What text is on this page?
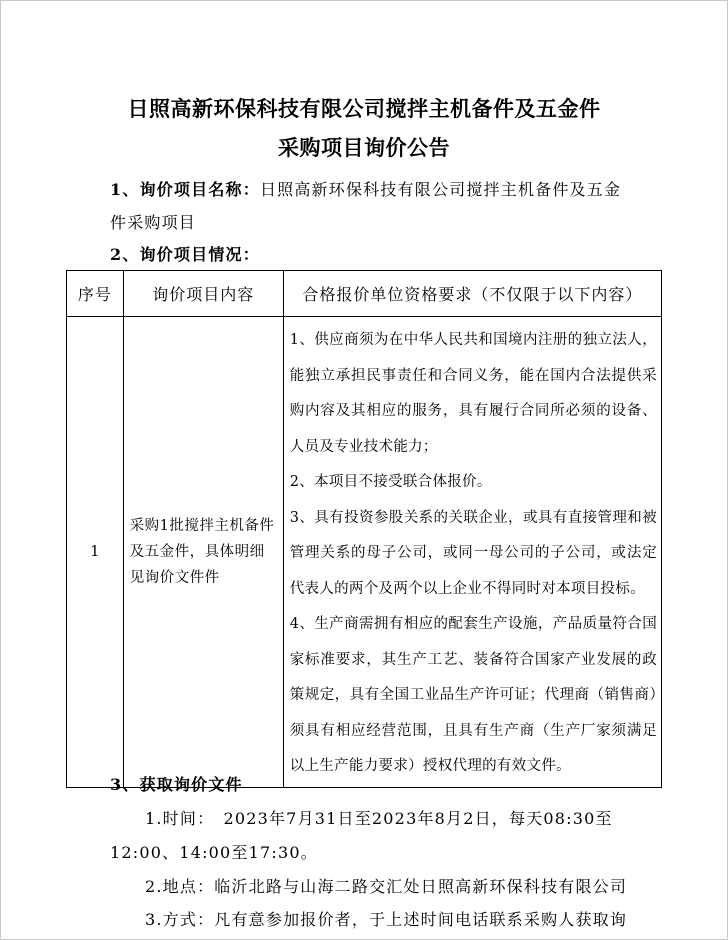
日照高新环保科技有限公司搅拌主机备件及五金件
采购项目询价公告
1、询价项目名称：日照高新环保科技有限公司搅拌主机备件及五金
件采购项目
2、询价项目情况：
序号	询价项目内容	合格报价单位资格要求（不仅限于以下内容）
1	采购1批搅拌主机备件及五金件，具体明细见询价文件件	1、供应商须为在中华人民共和国境内注册的独立法人，能独立承担民事责任和合同义务，能在国内合法提供采购内容及其相应的服务，具有履行合同所必须的设备、人员及专业技术能力；

2、本项目不接受联合体报价。

3、具有投资参股关系的关联企业，或具有直接管理和被管理关系的母子公司，或同一母公司的子公司，或法定代表人的两个及两个以上企业不得同时对本项目投标。

4、生产商需拥有相应的配套生产设施，产品质量符合国家标准要求，其生产工艺、装备符合国家产业发展的政策规定，具有全国工业品生产许可证；代理商（销售商）须具有相应经营范围，且具有生产商（生产厂家须满足以上生产能力要求）授权代理的有效文件。

3、获取询价文件
1.时间：　2023年7月31日至2023年8月2日，每天08:30至
12:00、14:00至17:30。
2.地点：临沂北路与山海二路交汇处日照高新环保科技有限公司
3.方式：凡有意参加报价者，于上述时间电话联系采购人获取询
